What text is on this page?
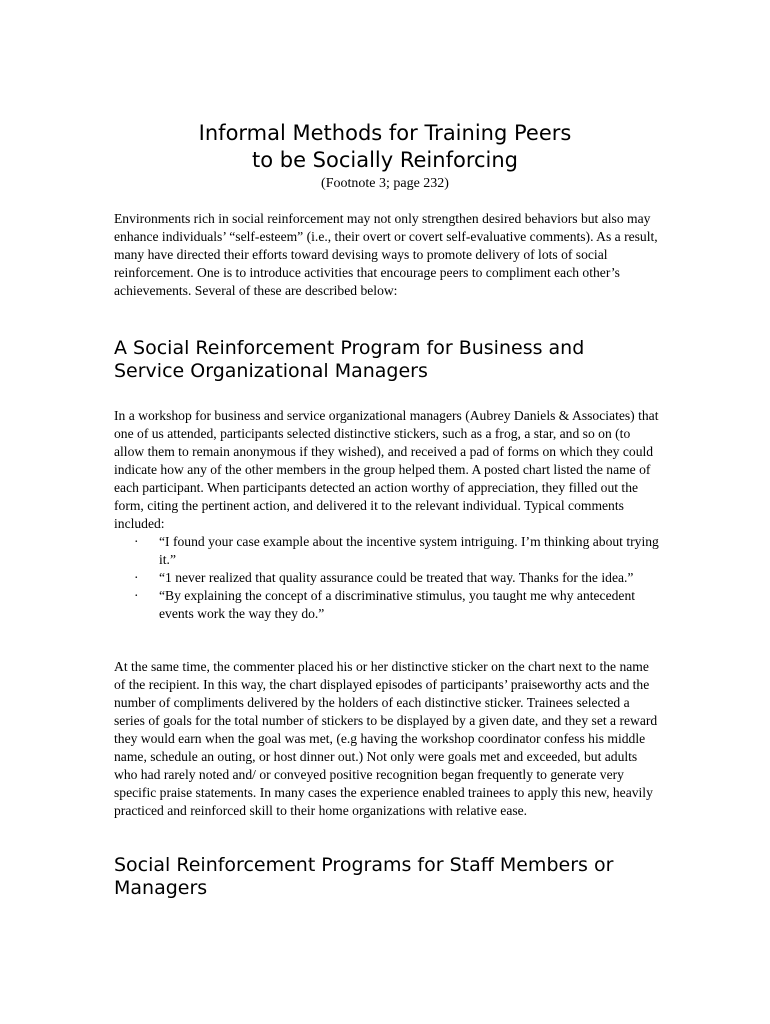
Informal Methods for Training Peers
to be Socially Reinforcing
(Footnote 3; page 232)

Environments rich in social reinforcement may not only strengthen desired behaviors but also may enhance individuals’ “self-esteem” (i.e., their overt or covert self-evaluative comments). As a result, many have directed their efforts toward devising ways to promote delivery of lots of social reinforcement. One is to introduce activities that encourage peers to compliment each other’s achievements. Several of these are described below:

A Social Reinforcement Program for Business and Service Organizational Managers

In a workshop for business and service organizational managers (Aubrey Daniels & Associates) that one of us attended, participants selected distinctive stickers, such as a frog, a star, and so on (to allow them to remain anonymous if they wished), and received a pad of forms on which they could indicate how any of the other members in the group helped them. A posted chart listed the name of each participant. When participants detected an action worthy of appreciation, they filled out the form, citing the pertinent action, and delivered it to the relevant individual. Typical comments included:

· “I found your case example about the incentive system intriguing. I’m thinking about trying it.”
· “1 never realized that quality assurance could be treated that way. Thanks for the idea.”
· “By explaining the concept of a discriminative stimulus, you taught me why antecedent events work the way they do.”

At the same time, the commenter placed his or her distinctive sticker on the chart next to the name of the recipient. In this way, the chart displayed episodes of participants’ praiseworthy acts and the number of compliments delivered by the holders of each distinctive sticker. Trainees selected a series of goals for the total number of stickers to be displayed by a given date, and they set a reward they would earn when the goal was met, (e.g having the workshop coordinator confess his middle name, schedule an outing, or host dinner out.) Not only were goals met and exceeded, but adults who had rarely noted and/ or conveyed positive recognition began frequently to generate very specific praise statements. In many cases the experience enabled trainees to apply this new, heavily practiced and reinforced skill to their home organizations with relative ease.

Social Reinforcement Programs for Staff Members or Managers
